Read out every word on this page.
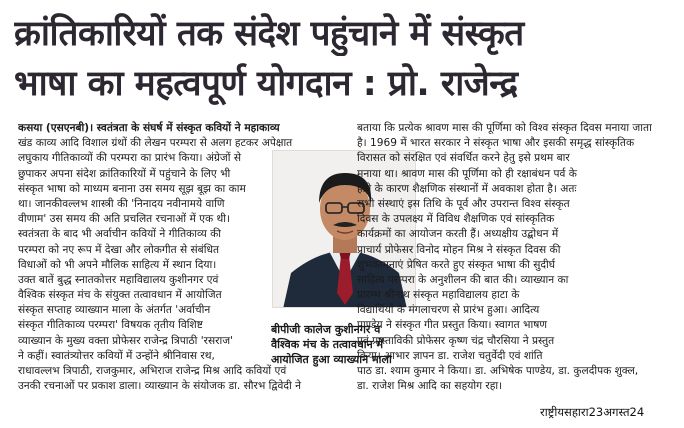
क्रांतिकारियों तक संदेश पहुंचाने में संस्कृत
भाषा का महत्वपूर्ण योगदान : प्रो. राजेन्द्र
कसया (एसएनबी)। स्वतंत्रता के संघर्ष में संस्कृत कवियों ने महाकाव्य
खंड काव्य आदि विशाल ग्रंथों की लेखन परम्परा से अलग हटकर अपेक्षात
लघुकाय गीतिकाव्यों की परम्परा का प्रारंभ किया। अंग्रेजों से
छुपाकर अपना संदेश क्रांतिकारियों में पहुंचाने के लिए भी
संस्कृत भाषा को माध्यम बनाना उस समय सूझ बूझ का काम
था। जानकीवल्लभ शास्त्री की 'निनादय नवीनामये वाणि
वीणाम' उस समय की अति प्रचलित रचनाओं में एक थी।
स्वतंत्रता के बाद भी अर्वाचीन कवियों ने गीतिकाव्य की
परम्परा को नए रूप में देखा और लोकगीत से संबंधित
विधाओं को भी अपने मौलिक साहित्य में स्थान दिया।
उक्त बातें बुद्ध स्नातकोत्तर महाविद्यालय कुशीनगर एवं
वैश्विक संस्कृत मंच के संयुक्त तत्वावधान में आयोजित
संस्कृत सप्ताह व्याख्यान माला के अंतर्गत 'अर्वाचीन
संस्कृत गीतिकाव्य परम्परा' विषयक तृतीय विशिष्ट
व्याख्यान के मुख्य वक्ता प्रोफेसर राजेन्द्र त्रिपाठी 'रसराज'
ने कहीं। स्वातंत्र्योत्तर कवियों में उन्होंने श्रीनिवास रथ,
राधावल्लभ त्रिपाठी, राजकुमार, अभिराज राजेन्द्र मिश्र आदि कवियों एवं
उनकी रचनाओं पर प्रकाश डाला। व्याख्यान के संयोजक डा. सौरभ द्विवेदी ने
बीपीजी कालेज कुशीनगर व
वैश्विक मंच के तत्वावधान में
आयोजित हुआ व्याख्यान माला
बताया कि प्रत्येक श्रावण मास की पूर्णिमा को विश्व संस्कृत दिवस मनाया जाता
है। 1969 में भारत सरकार ने संस्कृत भाषा और इसकी समृद्ध सांस्कृतिक
विरासत को संरक्षित एवं संवर्धित करने हेतु इसे प्रथम बार
मनाया था। श्रावण मास की पूर्णिमा को ही रक्षाबंधन पर्व के
होने के कारण शैक्षणिक संस्थानों में अवकाश होता है। अतः
सभी संस्थाएं इस तिथि के पूर्व और उपरान्त विश्व संस्कृत
दिवस के उपलक्ष्य में विविध शैक्षणिक एवं सांस्कृतिक
कार्यक्रमों का आयोजन करती हैं। अध्यक्षीय उद्बोधन में
प्राचार्य प्रोफेसर विनोद मोहन मिश्र ने संस्कृत दिवस की
शुभकामनाएं प्रेषित करते हुए संस्कृत भाषा की सुदीर्घ
साहित्य परम्परा के अनुशीलन की बात की। व्याख्यान का
प्रारम्भ श्रीनाथ संस्कृत महाविद्यालय हाटा के
विद्यार्थियों के मंगलाचरण से प्रारंभ हुआ। आदित्य
पाण्डेय ने संस्कृत गीत प्रस्तुत किया। स्वागत भाषण
एवं प्रास्ताविकी प्रोफेसर कृष्ण चंद्र चौरसिया ने प्रस्तुत
किया। आभार ज्ञापन डा. राजेश चतुर्वेदी एवं शांति
पाठ डा. श्याम कुमार ने किया। डा. अभिषेक पाण्डेय, डा. कुलदीपक शुक्ल,
डा. राजेश मिश्र आदि का सहयोग रहा।
राष्ट्रीयसहारा23अगस्त24
